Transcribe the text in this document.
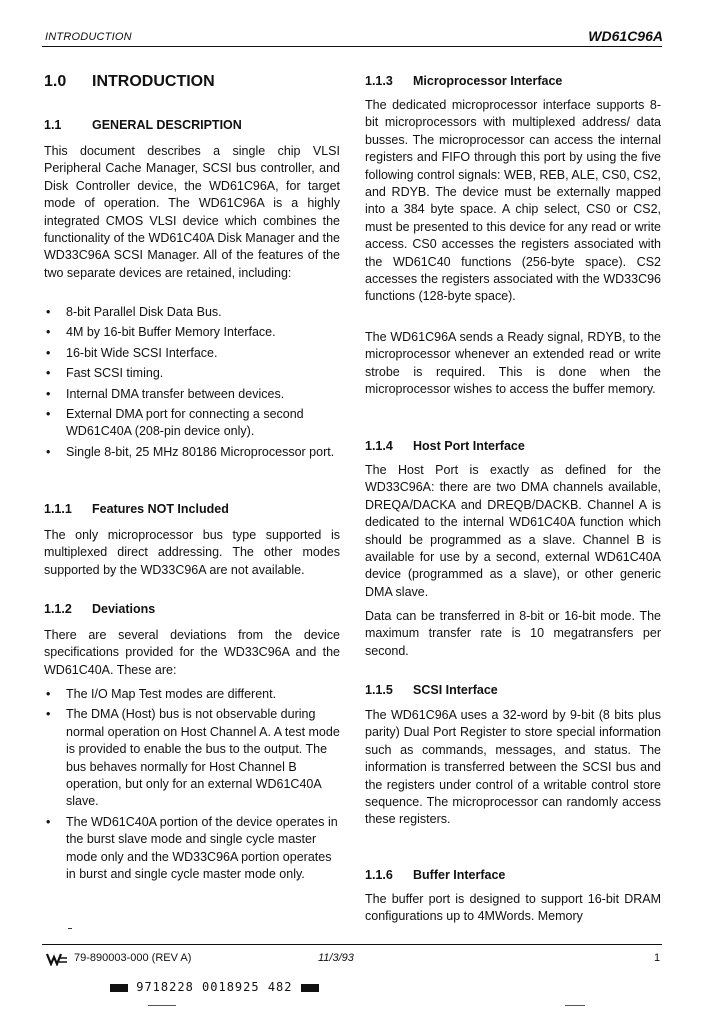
INTRODUCTION	WD61C96A
1.0 INTRODUCTION
1.1 GENERAL DESCRIPTION

This document describes a single chip VLSI Peripheral Cache Manager, SCSI bus controller, and Disk Controller device, the WD61C96A, for target mode of operation. The WD61C96A is a highly integrated CMOS VLSI device which combines the functionality of the WD61C40A Disk Manager and the WD33C96A SCSI Manager. All of the features of the two separate devices are retained, including:

• 8-bit Parallel Disk Data Bus.
• 4M by 16-bit Buffer Memory Interface.
• 16-bit Wide SCSI Interface.
• Fast SCSI timing.
• Internal DMA transfer between devices.
• External DMA port for connecting a second WD61C40A (208-pin device only).
• Single 8-bit, 25 MHz 80186 Microprocessor port.
1.1.1 Features NOT Included

The only microprocessor bus type supported is multiplexed direct addressing. The other modes supported by the WD33C96A are not available.

1.1.2 Deviations

There are several deviations from the device specifications provided for the WD33C96A and the WD61C40A. These are:

• The I/O Map Test modes are different.
• The DMA (Host) bus is not observable during normal operation on Host Channel A. A test mode is provided to enable the bus to the output. The bus behaves normally for Host Channel B operation, but only for an external WD61C40A slave.
• The WD61C40A portion of the device operates in the burst slave mode and single cycle master mode only and the WD33C96A portion operates in burst and single cycle master mode only.
1.1.3 Microprocessor Interface

The dedicated microprocessor interface supports 8-bit microprocessors with multiplexed address/ data busses. The microprocessor can access the internal registers and FIFO through this port by using the five following control signals: WEB, REB, ALE, CS0, CS2, and RDYB. The device must be externally mapped into a 384 byte space. A chip select, CS0 or CS2, must be presented to this device for any read or write access. CS0 accesses the registers associated with the WD61C40 functions (256-byte space). CS2 accesses the registers associated with the WD33C96 functions (128-byte space).

The WD61C96A sends a Ready signal, RDYB, to the microprocessor whenever an extended read or write strobe is required. This is done when the microprocessor wishes to access the buffer memory.

1.1.4 Host Port Interface

The Host Port is exactly as defined for the WD33C96A: there are two DMA channels available, DREQA/DACKA and DREQB/DACKB. Channel A is dedicated to the internal WD61C40A function which should be programmed as a slave. Channel B is available for use by a second, external WD61C40A device (programmed as a slave), or other generic DMA slave.

Data can be transferred in 8-bit or 16-bit mode. The maximum transfer rate is 10 megatransfers per second.

1.1.5 SCSI Interface

The WD61C96A uses a 32-word by 9-bit (8 bits plus parity) Dual Port Register to store special information such as commands, messages, and status. The information is transferred between the SCSI bus and the registers under control of a writable control store sequence. The microprocessor can randomly access these registers.

1.1.6 Buffer Interface

The buffer port is designed to support 16-bit DRAM configurations up to 4MWords. Memory

79-890003-000 (REV A)	11/3/93	1
9718228 0018925 482
